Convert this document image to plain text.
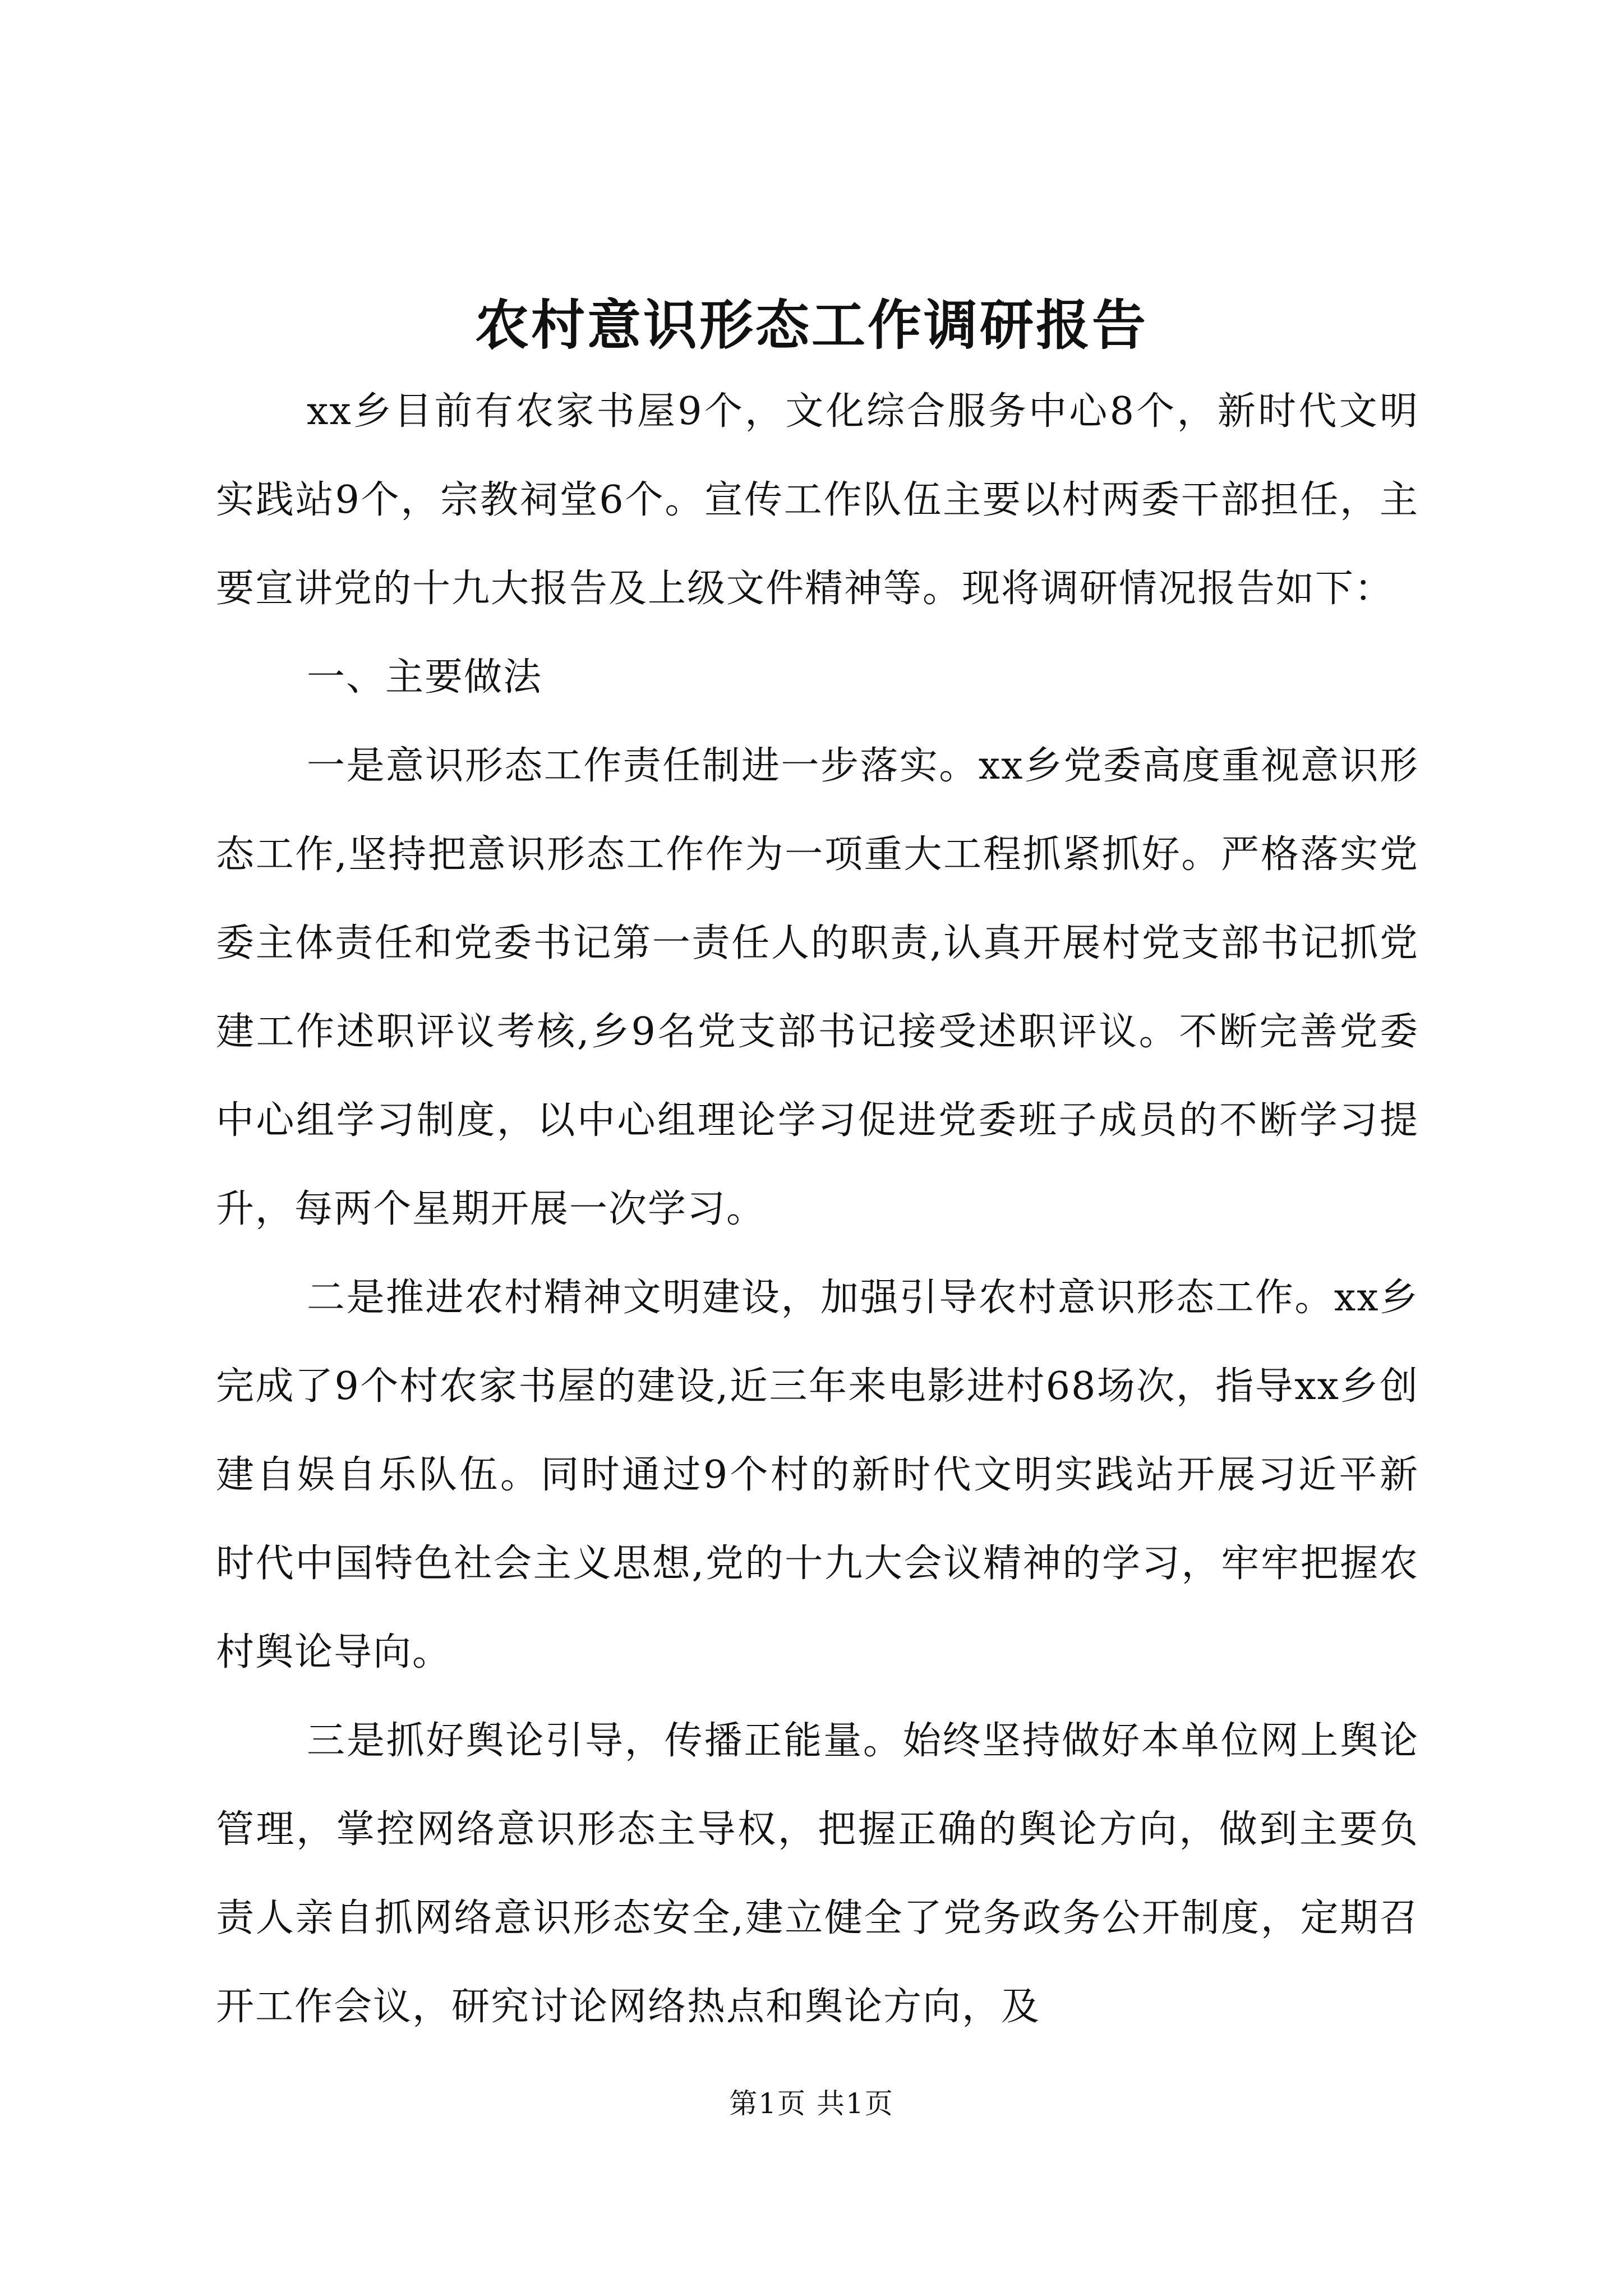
农村意识形态工作调研报告

xx乡目前有农家书屋9个，文化综合服务中心8个，新时代文明实践站9个，宗教祠堂6个。宣传工作队伍主要以村两委干部担任，主要宣讲党的十九大报告及上级文件精神等。现将调研情况报告如下：

一、主要做法

一是意识形态工作责任制进一步落实。xx乡党委高度重视意识形态工作,坚持把意识形态工作作为一项重大工程抓紧抓好。严格落实党委主体责任和党委书记第一责任人的职责,认真开展村党支部书记抓党建工作述职评议考核,乡9名党支部书记接受述职评议。不断完善党委中心组学习制度，以中心组理论学习促进党委班子成员的不断学习提升，每两个星期开展一次学习。

二是推进农村精神文明建设，加强引导农村意识形态工作。xx乡完成了9个村农家书屋的建设,近三年来电影进村68场次，指导xx乡创建自娱自乐队伍。同时通过9个村的新时代文明实践站开展习近平新时代中国特色社会主义思想,党的十九大会议精神的学习，牢牢把握农村舆论导向。

三是抓好舆论引导，传播正能量。始终坚持做好本单位网上舆论管理，掌控网络意识形态主导权，把握正确的舆论方向，做到主要负责人亲自抓网络意识形态安全,建立健全了党务政务公开制度，定期召开工作会议，研究讨论网络热点和舆论方向，及

第1页 共1页
